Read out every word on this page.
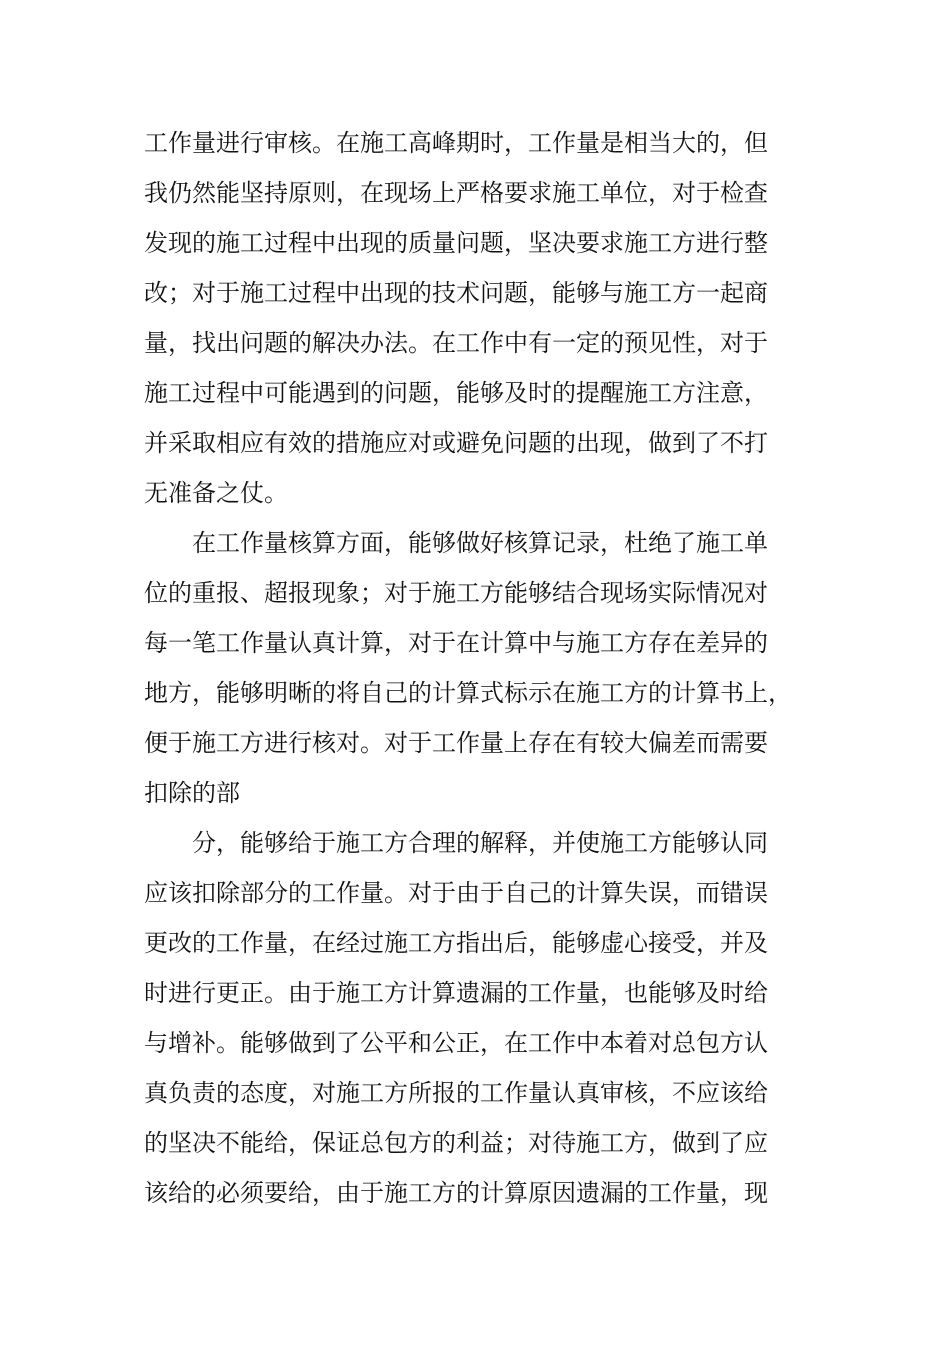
工作量进行审核。在施工高峰期时，工作量是相当大的，但
我仍然能坚持原则，在现场上严格要求施工单位，对于检查
发现的施工过程中出现的质量问题，坚决要求施工方进行整
改；对于施工过程中出现的技术问题，能够与施工方一起商
量，找出问题的解决办法。在工作中有一定的预见性，对于
施工过程中可能遇到的问题，能够及时的提醒施工方注意，
并采取相应有效的措施应对或避免问题的出现，做到了不打
无准备之仗。
在工作量核算方面，能够做好核算记录，杜绝了施工单
位的重报、超报现象；对于施工方能够结合现场实际情况对
每一笔工作量认真计算，对于在计算中与施工方存在差异的
地方，能够明晰的将自己的计算式标示在施工方的计算书上，
便于施工方进行核对。对于工作量上存在有较大偏差而需要
扣除的部
分，能够给于施工方合理的解释，并使施工方能够认同
应该扣除部分的工作量。对于由于自己的计算失误，而错误
更改的工作量，在经过施工方指出后，能够虚心接受，并及
时进行更正。由于施工方计算遗漏的工作量，也能够及时给
与增补。能够做到了公平和公正，在工作中本着对总包方认
真负责的态度，对施工方所报的工作量认真审核，不应该给
的坚决不能给，保证总包方的利益；对待施工方，做到了应
该给的必须要给，由于施工方的计算原因遗漏的工作量，现
